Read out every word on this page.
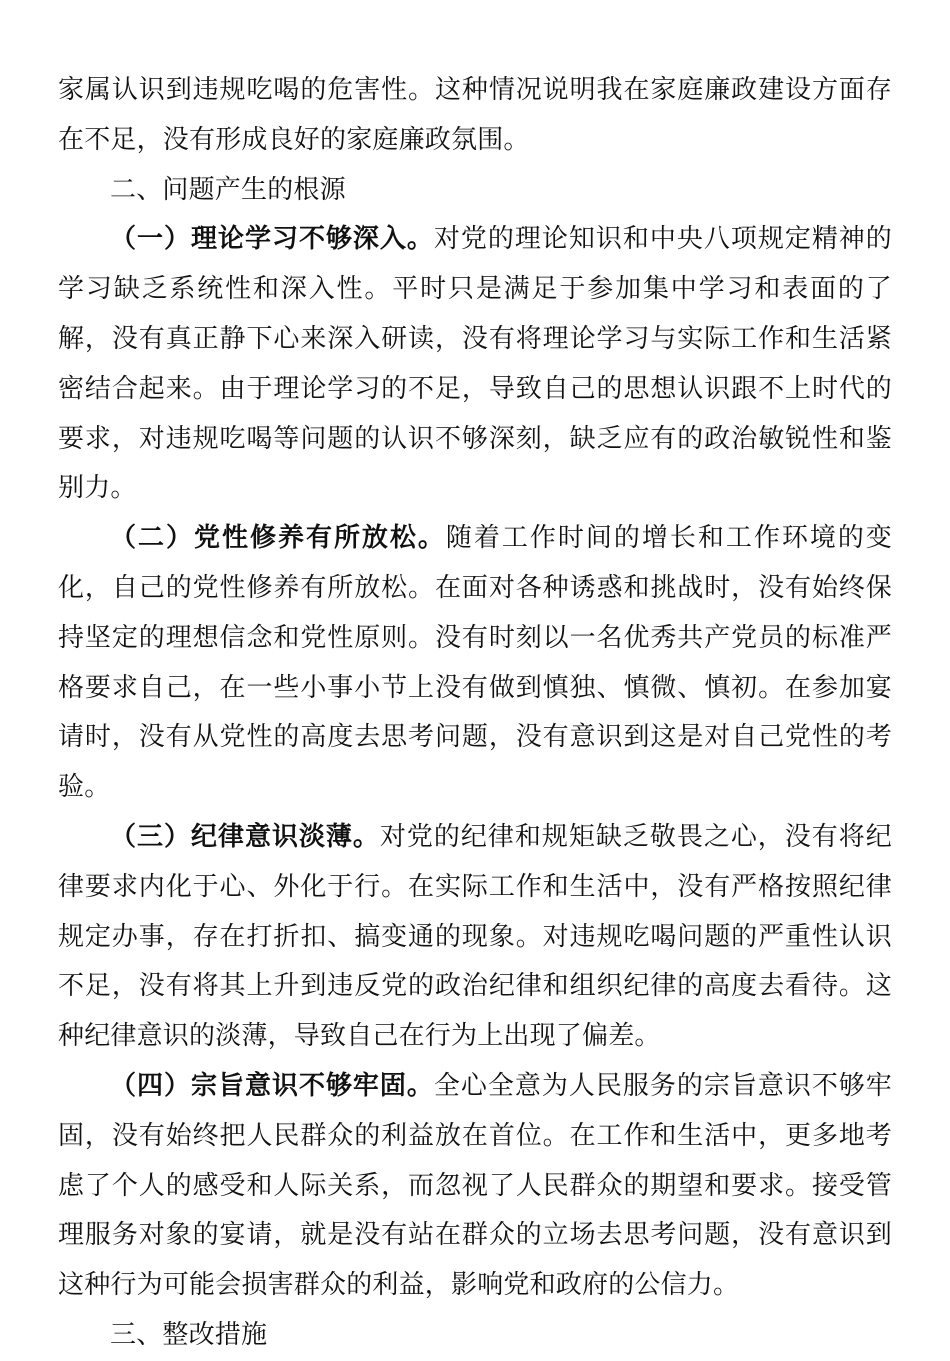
家属认识到违规吃喝的危害性。这种情况说明我在家庭廉政建设方面存在不足，没有形成良好的家庭廉政氛围。

二、问题产生的根源

（一）理论学习不够深入。对党的理论知识和中央八项规定精神的学习缺乏系统性和深入性。平时只是满足于参加集中学习和表面的了解，没有真正静下心来深入研读，没有将理论学习与实际工作和生活紧密结合起来。由于理论学习的不足，导致自己的思想认识跟不上时代的要求，对违规吃喝等问题的认识不够深刻，缺乏应有的政治敏锐性和鉴别力。

（二）党性修养有所放松。随着工作时间的增长和工作环境的变化，自己的党性修养有所放松。在面对各种诱惑和挑战时，没有始终保持坚定的理想信念和党性原则。没有时刻以一名优秀共产党员的标准严格要求自己，在一些小事小节上没有做到慎独、慎微、慎初。在参加宴请时，没有从党性的高度去思考问题，没有意识到这是对自己党性的考验。

（三）纪律意识淡薄。对党的纪律和规矩缺乏敬畏之心，没有将纪律要求内化于心、外化于行。在实际工作和生活中，没有严格按照纪律规定办事，存在打折扣、搞变通的现象。对违规吃喝问题的严重性认识不足，没有将其上升到违反党的政治纪律和组织纪律的高度去看待。这种纪律意识的淡薄，导致自己在行为上出现了偏差。

（四）宗旨意识不够牢固。全心全意为人民服务的宗旨意识不够牢固，没有始终把人民群众的利益放在首位。在工作和生活中，更多地考虑了个人的感受和人际关系，而忽视了人民群众的期望和要求。接受管理服务对象的宴请，就是没有站在群众的立场去思考问题，没有意识到这种行为可能会损害群众的利益，影响党和政府的公信力。

三、整改措施
